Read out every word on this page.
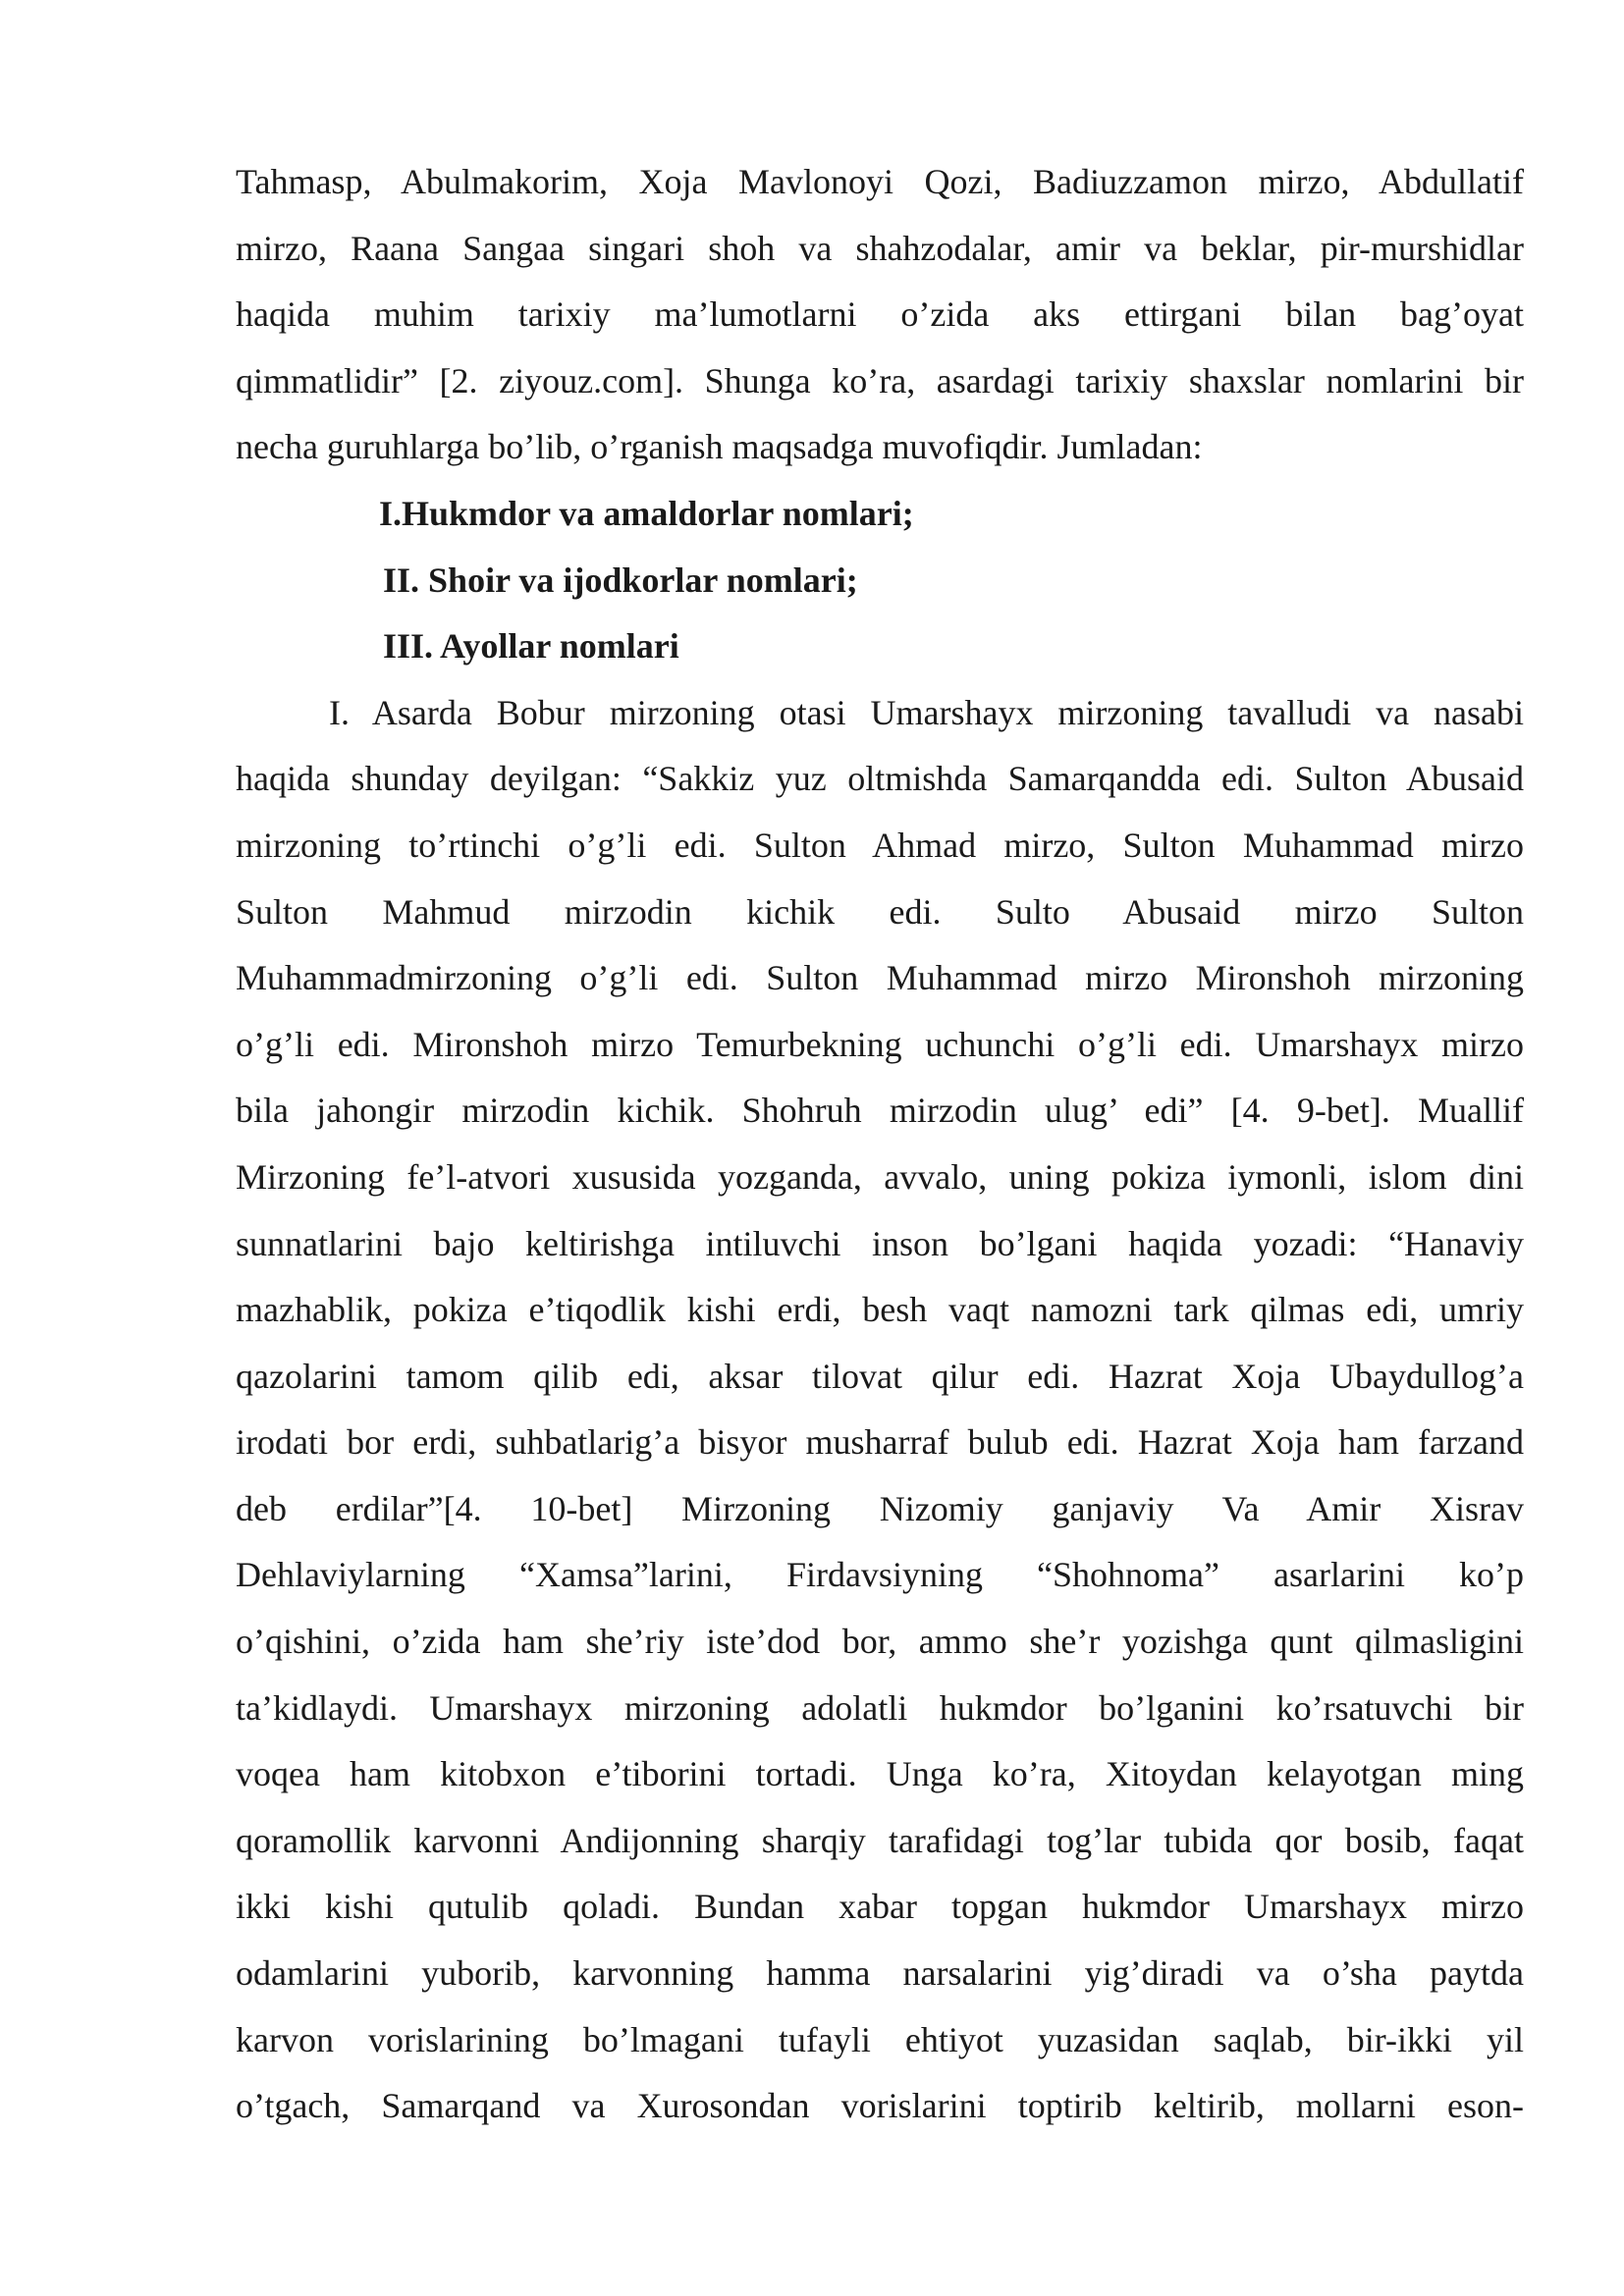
Tahmasp, Abulmakorim, Xoja Mavlonoyi Qozi, Badiuzzamon mirzo, Abdullatif
mirzo, Raana Sangaa singari shoh va shahzodalar, amir va beklar, pir-murshidlar
haqida muhim tarixiy ma’lumotlarni o’zida aks ettirgani bilan bag’oyat
qimmatlidir” [2. ziyouz.com]. Shunga ko’ra, asardagi tarixiy shaxslar nomlarini bir
necha guruhlarga bo’lib, o’rganish maqsadga muvofiqdir. Jumladan:
I.Hukmdor va amaldorlar nomlari;
II. Shoir va ijodkorlar nomlari;
III. Ayollar nomlari
I. Asarda Bobur mirzoning otasi Umarshayx mirzoning tavalludi va nasabi
haqida shunday deyilgan: “Sakkiz yuz oltmishda Samarqandda edi. Sulton Abusaid
mirzoning to’rtinchi o’g’li edi. Sulton Ahmad mirzo, Sulton Muhammad mirzo
Sulton Mahmud mirzodin kichik edi. Sulto Abusaid mirzo Sulton
Muhammadmirzoning o’g’li edi. Sulton Muhammad mirzo Mironshoh mirzoning
o’g’li edi. Mironshoh mirzo Temurbekning uchunchi o’g’li edi. Umarshayx mirzo
bila jahongir mirzodin kichik. Shohruh mirzodin ulug’ edi” [4. 9-bet]. Muallif
Mirzoning fe’l-atvori xususida yozganda, avvalo, uning pokiza iymonli, islom dini
sunnatlarini bajo keltirishga intiluvchi inson bo’lgani haqida yozadi: “Hanaviy
mazhablik, pokiza e’tiqodlik kishi erdi, besh vaqt namozni tark qilmas edi, umriy
qazolarini tamom qilib edi, aksar tilovat qilur edi. Hazrat Xoja Ubaydullog’a
irodati bor erdi, suhbatlarig’a bisyor musharraf bulub edi. Hazrat Xoja ham farzand
deb erdilar”[4. 10-bet] Mirzoning Nizomiy ganjaviy Va Amir Xisrav
Dehlaviylarning “Xamsa”larini, Firdavsiyning “Shohnoma” asarlarini ko’p
o’qishini, o’zida ham she’riy iste’dod bor, ammo she’r yozishga qunt qilmasligini
ta’kidlaydi. Umarshayx mirzoning adolatli hukmdor bo’lganini ko’rsatuvchi bir
voqea ham kitobxon e’tiborini tortadi. Unga ko’ra, Xitoydan kelayotgan ming
qoramollik karvonni Andijonning sharqiy tarafidagi tog’lar tubida qor bosib, faqat
ikki kishi qutulib qoladi. Bundan xabar topgan hukmdor Umarshayx mirzo
odamlarini yuborib, karvonning hamma narsalarini yig’diradi va o’sha paytda
karvon vorislarining bo’lmagani tufayli ehtiyot yuzasidan saqlab, bir-ikki yil
o’tgach, Samarqand va Xurosondan vorislarini toptirib keltirib, mollarni eson-
